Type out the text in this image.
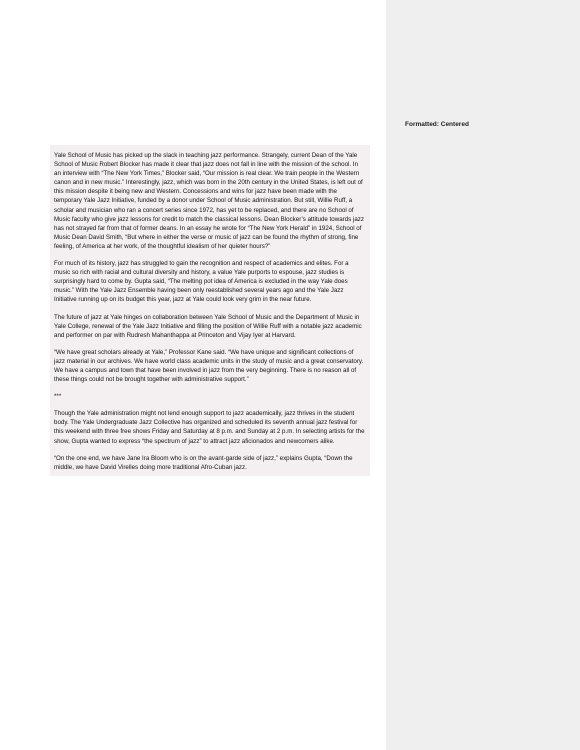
Formatted: Centered

Yale School of Music has picked up the slack in teaching jazz performance. Strangely, current Dean of the Yale School of Music Robert Blocker has made it clear that jazz does not fall in line with the mission of the school. In an interview with “The New York Times,” Blocker said, “Our mission is real clear. We train people in the Western canon and in new music.” Interestingly, jazz, which was born in the 20th century in the United States, is left out of this mission despite it being new and Western. Concessions and wins for jazz have been made with the temporary Yale Jazz Initiative, funded by a donor under School of Music administration. But still, Willie Ruff, a scholar and musician who ran a concert series since 1972, has yet to be replaced, and there are no School of Music faculty who give jazz lessons for credit to match the classical lessons. Dean Blocker’s attitude towards jazz has not strayed far from that of former deans. In an essay he wrote for “The New York Herald” in 1924, School of Music Dean David Smith, “But where in either the verse or music of jazz can be found the rhythm of strong, fine feeling, of America at her work, of the thoughtful idealism of her quieter hours?”

For much of its history, jazz has struggled to gain the recognition and respect of academics and elites. For a music so rich with racial and cultural diversity and history, a value Yale purports to espouse, jazz studies is surprisingly hard to come by. Gupta said, “The melting pot idea of America is excluded in the way Yale does music.” With the Yale Jazz Ensemble having been only reestablished several years ago and the Yale Jazz Initiative running up on its budget this year, jazz at Yale could look very grim in the near future.

The future of jazz at Yale hinges on collaboration between Yale School of Music and the Department of Music in Yale College, renewal of the Yale Jazz Initiative and filling the position of Willie Ruff with a notable jazz academic and performer on par with Rudresh Mahanthappa at Princeton and Vijay Iyer at Harvard.

“We have great scholars already at Yale,” Professor Kane said. “We have unique and significant collections of jazz material in our archives. We have world class academic units in the study of music and a great conservatory. We have a campus and town that have been involved in jazz from the very beginning. There is no reason all of these things could not be brought together with administrative support.”

***

Though the Yale administration might not lend enough support to jazz academically, jazz thrives in the student body. The Yale Undergraduate Jazz Collective has organized and scheduled its seventh annual jazz festival for this weekend with three free shows Friday and Saturday at 8 p.m. and Sunday at 2 p.m. In selecting artists for the show, Gupta wanted to express “the spectrum of jazz” to attract jazz aficionados and newcomers alike.

“On the one end, we have Jane Ira Bloom who is on the avant-garde side of jazz,” explains Gupta, “Down the middle, we have David Virelles doing more traditional Afro-Cuban jazz.
